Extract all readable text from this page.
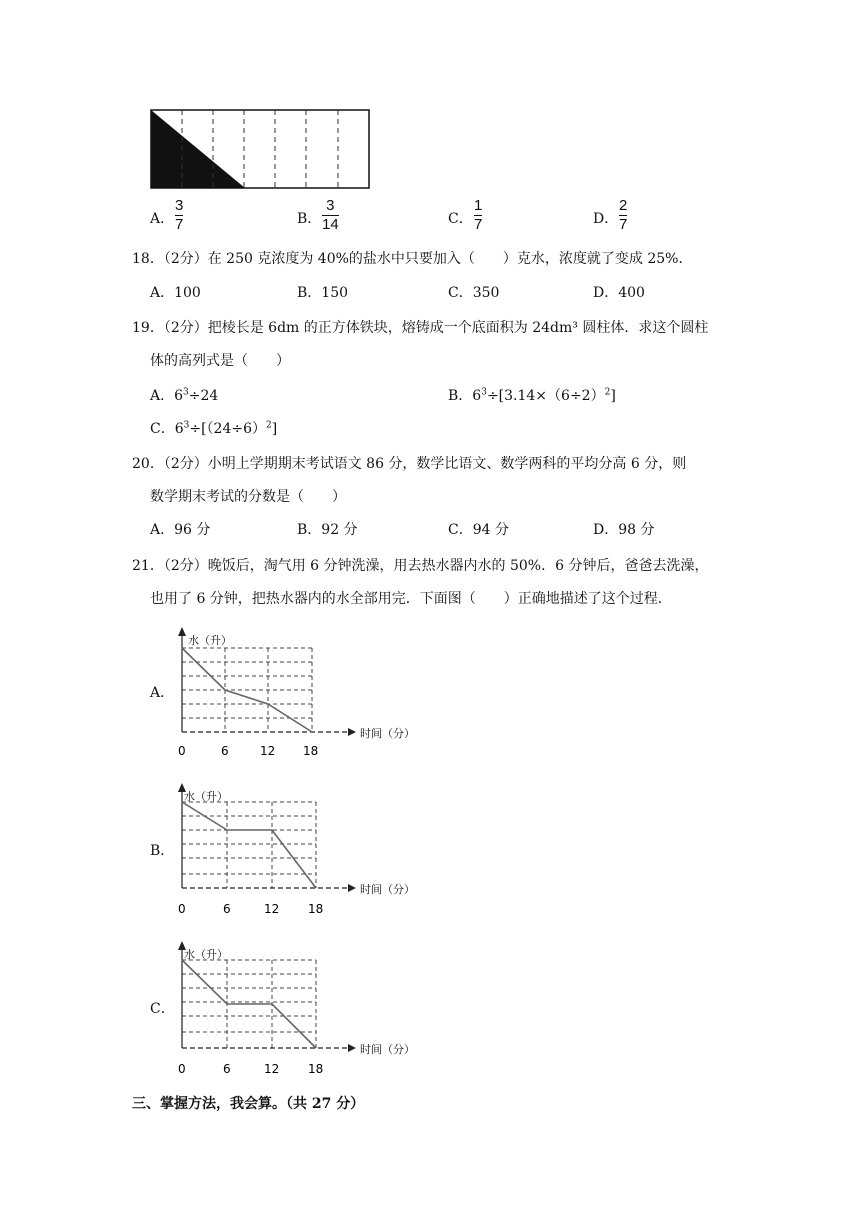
A．
3
7	B．
3
14	C．
1
7	D．
2
7
18．（2分）在 250 克浓度为 40%的盐水中只要加入（　　）克水，浓度就了变成 25%．
A．100	B．150	C．350	D．400
19．（2分）把棱长是 6dm 的正方体铁块，熔铸成一个底面积为 24dm³ 圆柱体．求这个圆柱
体的高列式是（　　）
A．$6^3\div 24$	B．$6^3\div[3.14\times(6\div 2)^2]$
C．$6^3\div[(24\div 6)^2]$
20．（2分）小明上学期期末考试语文 86 分，数学比语文、数学两科的平均分高 6 分，则
数学期末考试的分数是（　　）
A．96 分	B．92 分	C．94 分	D．98 分
21．（2分）晚饭后，淘气用 6 分钟洗澡，用去热水器内水的 50%．6 分钟后，爸爸去洗澡，
也用了 6 分钟，把热水器内的水全部用完．下面图（　　）正确地描述了这个过程．
A．
水（升）
时间（分）
0	6	12 18
B．
水（升）
时间（分）
0	6	12 18
C．
水（升）
时间（分）
0	6	12 18
三、掌握方法，我会算。（共 27 分）
